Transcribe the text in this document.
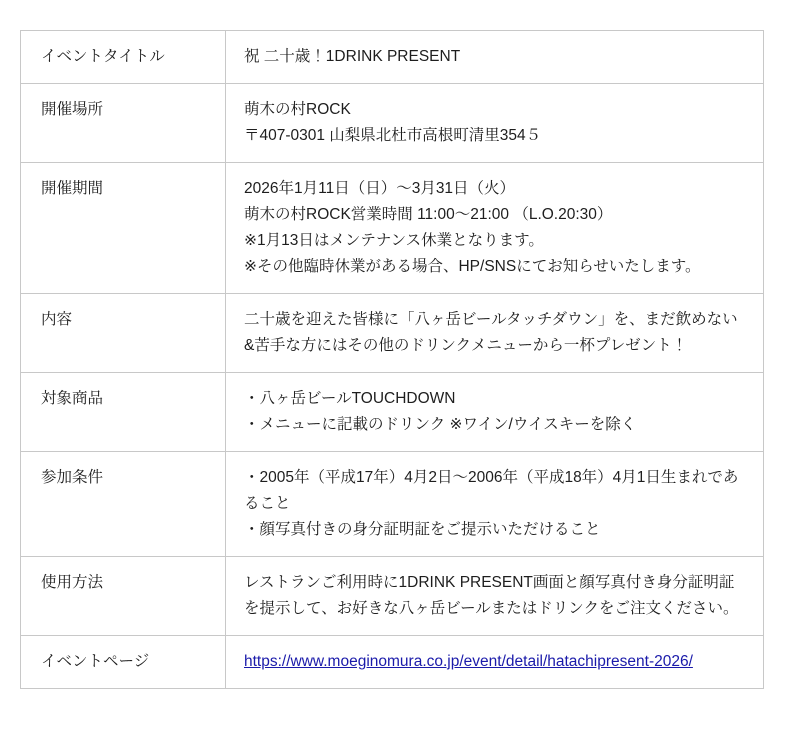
イベントタイトル	祝 二十歳！1DRINK PRESENT

開催場所	萌木の村ROCK
〒407-0301 山梨県北杜市高根町清里354５

開催期間	2026年1月11日（日）〜3月31日（火）
萌木の村ROCK営業時間 11:00〜21:00 （L.O.20:30）
※1月13日はメンテナンス休業となります。
※その他臨時休業がある場合、HP/SNSにてお知らせいたします。

内容	二十歳を迎えた皆様に「八ヶ岳ビールタッチダウン」を、まだ飲めない&苦手な方にはその他のドリンクメニューから一杯プレゼント！

対象商品	・八ヶ岳ビールTOUCHDOWN
・メニューに記載のドリンク ※ワイン/ウイスキーを除く

参加条件	・2005年（平成17年）4月2日〜2006年（平成18年）4月1日生まれであること
・顔写真付きの身分証明証をご提示いただけること

使用方法	レストランご利用時に1DRINK PRESENT画面と顔写真付き身分証明証を提示して、お好きな八ヶ岳ビールまたはドリンクをご注文ください。

イベントページ	https://www.moeginomura.co.jp/event/detail/hatachipresent-2026/
